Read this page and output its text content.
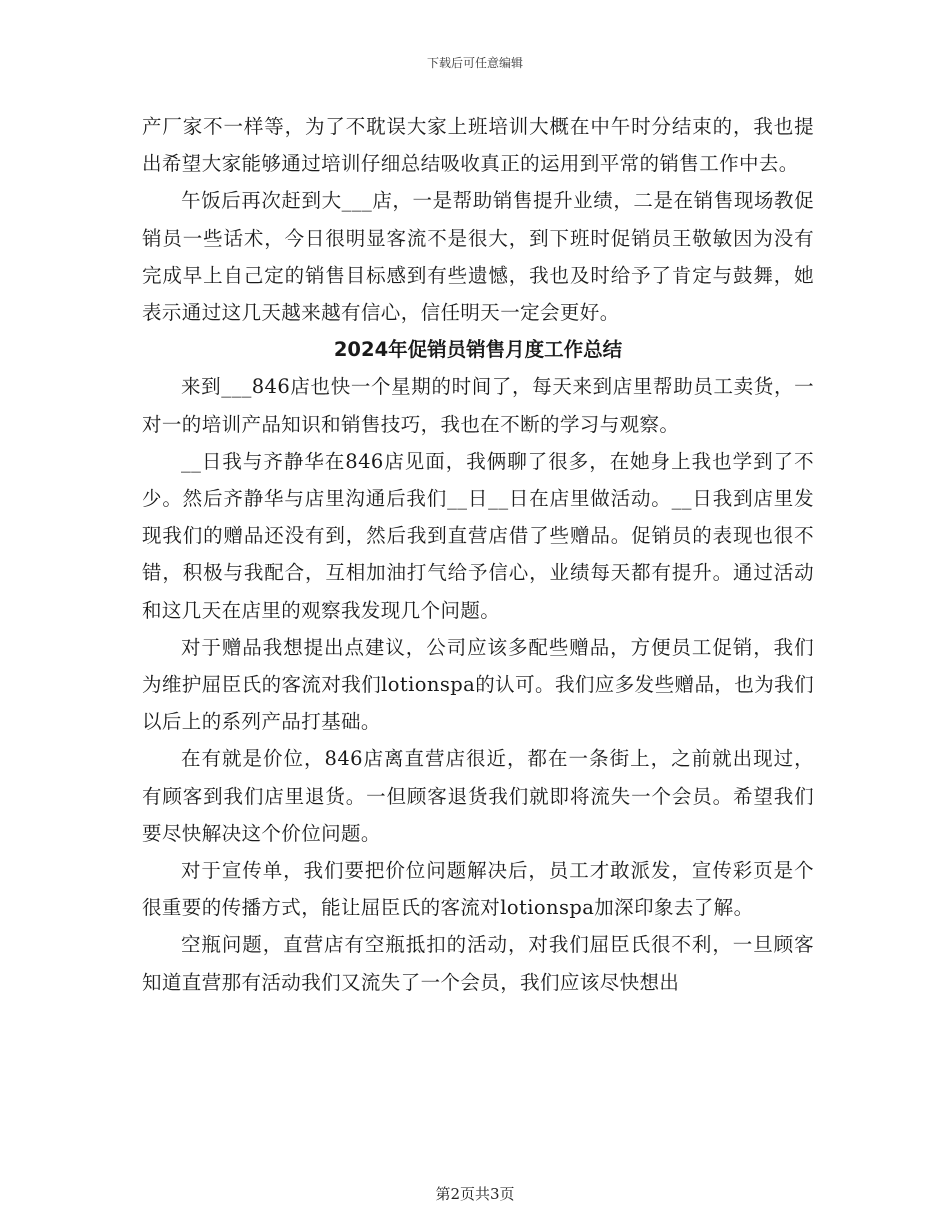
下载后可任意编辑

产厂家不一样等，为了不耽误大家上班培训大概在中午时分结束的，我也提出希望大家能够通过培训仔细总结吸收真正的运用到平常的销售工作中去。

午饭后再次赶到大___店，一是帮助销售提升业绩，二是在销售现场教促销员一些话术，今日很明显客流不是很大，到下班时促销员王敬敏因为没有完成早上自己定的销售目标感到有些遗憾，我也及时给予了肯定与鼓舞，她表示通过这几天越来越有信心，信任明天一定会更好。

2024年促销员销售月度工作总结

来到___846店也快一个星期的时间了，每天来到店里帮助员工卖货，一对一的培训产品知识和销售技巧，我也在不断的学习与观察。

__日我与齐静华在846店见面，我俩聊了很多，在她身上我也学到了不少。然后齐静华与店里沟通后我们__日__日在店里做活动。__日我到店里发现我们的赠品还没有到，然后我到直营店借了些赠品。促销员的表现也很不错，积极与我配合，互相加油打气给予信心，业绩每天都有提升。通过活动和这几天在店里的观察我发现几个问题。

对于赠品我想提出点建议，公司应该多配些赠品，方便员工促销，我们为维护屈臣氏的客流对我们lotionspa的认可。我们应多发些赠品，也为我们以后上的系列产品打基础。

在有就是价位，846店离直营店很近，都在一条街上，之前就出现过，有顾客到我们店里退货。一但顾客退货我们就即将流失一个会员。希望我们要尽快解决这个价位问题。

对于宣传单，我们要把价位问题解决后，员工才敢派发，宣传彩页是个很重要的传播方式，能让屈臣氏的客流对lotionspa加深印象去了解。

空瓶问题，直营店有空瓶抵扣的活动，对我们屈臣氏很不利，一旦顾客知道直营那有活动我们又流失了一个会员，我们应该尽快想出

第2页共3页
